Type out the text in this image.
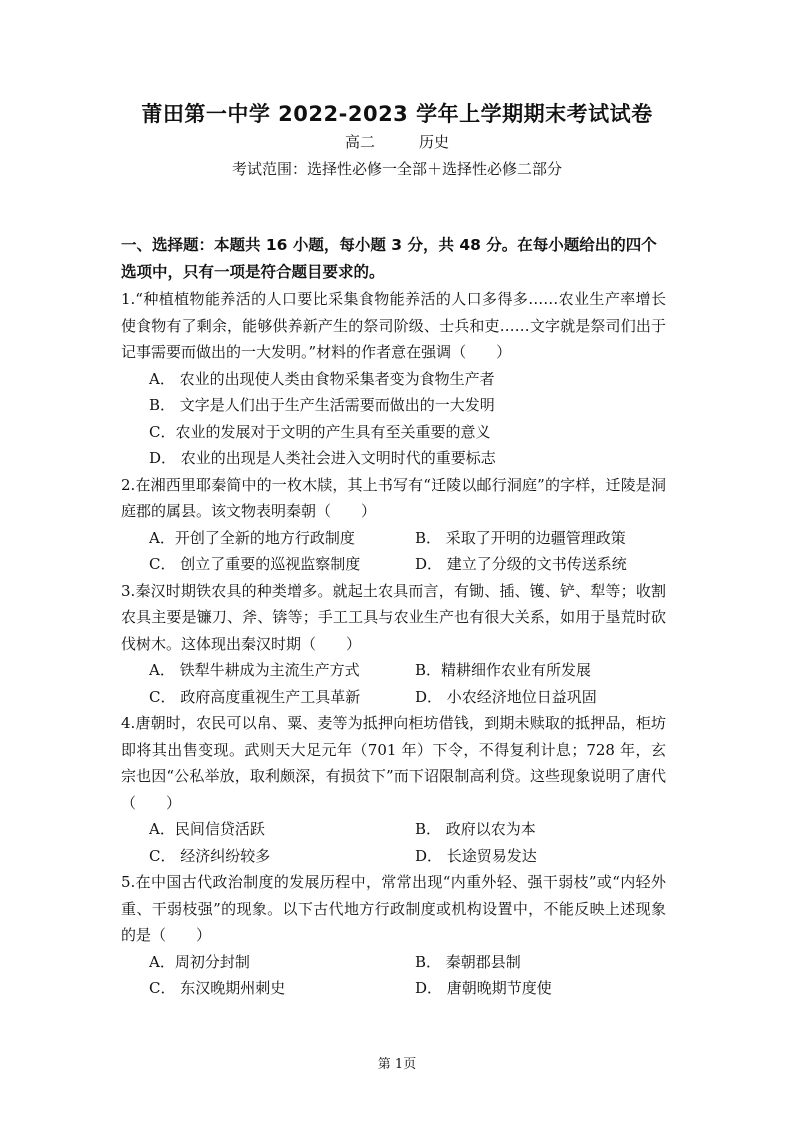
莆田第一中学 2022-2023 学年上学期期末考试试卷
高二	历史
考试范围：选择性必修一全部＋选择性必修二部分
一、选择题：本题共 16 小题，每小题 3 分，共 48 分。在每小题给出的四个选项中，只有一项是符合题目要求的。
1.“种植植物能养活的人口要比采集食物能养活的人口多得多……农业生产率增长使食物有了剩余，能够供养新产生的祭司阶级、士兵和吏……文字就是祭司们出于记事需要而做出的一大发明。”材料的作者意在强调（　　）
A． 农业的出现使人类由食物采集者变为食物生产者
B． 文字是人们出于生产生活需要而做出的一大发明
C．农业的发展对于文明的产生具有至关重要的意义
D． 农业的出现是人类社会进入文明时代的重要标志
2.在湘西里耶秦简中的一枚木牍，其上书写有“迁陵以邮行洞庭”的字样，迁陵是洞庭郡的属县。该文物表明秦朝（　　）
A．开创了全新的地方行政制度	B． 采取了开明的边疆管理政策
C． 创立了重要的巡视监察制度	D． 建立了分级的文书传送系统
3.秦汉时期铁农具的种类增多。就起土农具而言，有锄、插、镬、铲、犁等；收割农具主要是镰刀、斧、锛等；手工工具与农业生产也有很大关系，如用于垦荒时砍伐树木。这体现出秦汉时期（　　）
A． 铁犁牛耕成为主流生产方式	B．精耕细作农业有所发展
C． 政府高度重视生产工具革新	D． 小农经济地位日益巩固
4.唐朝时，农民可以帛、粟、麦等为抵押向柜坊借钱，到期未赎取的抵押品，柜坊即将其出售变现。武则天大足元年（701 年）下令，不得复利计息；728 年，玄宗也因“公私举放，取利颇深，有损贫下”而下诏限制高利贷。这些现象说明了唐代（　　）
A．民间信贷活跃	B． 政府以农为本
C． 经济纠纷较多	D． 长途贸易发达
5.在中国古代政治制度的发展历程中，常常出现“内重外轻、强干弱枝”或“内轻外重、干弱枝强”的现象。以下古代地方行政制度或机构设置中，不能反映上述现象的是（　　）
A．周初分封制	B． 秦朝郡县制
C． 东汉晚期州刺史	D． 唐朝晚期节度使
第 1页
